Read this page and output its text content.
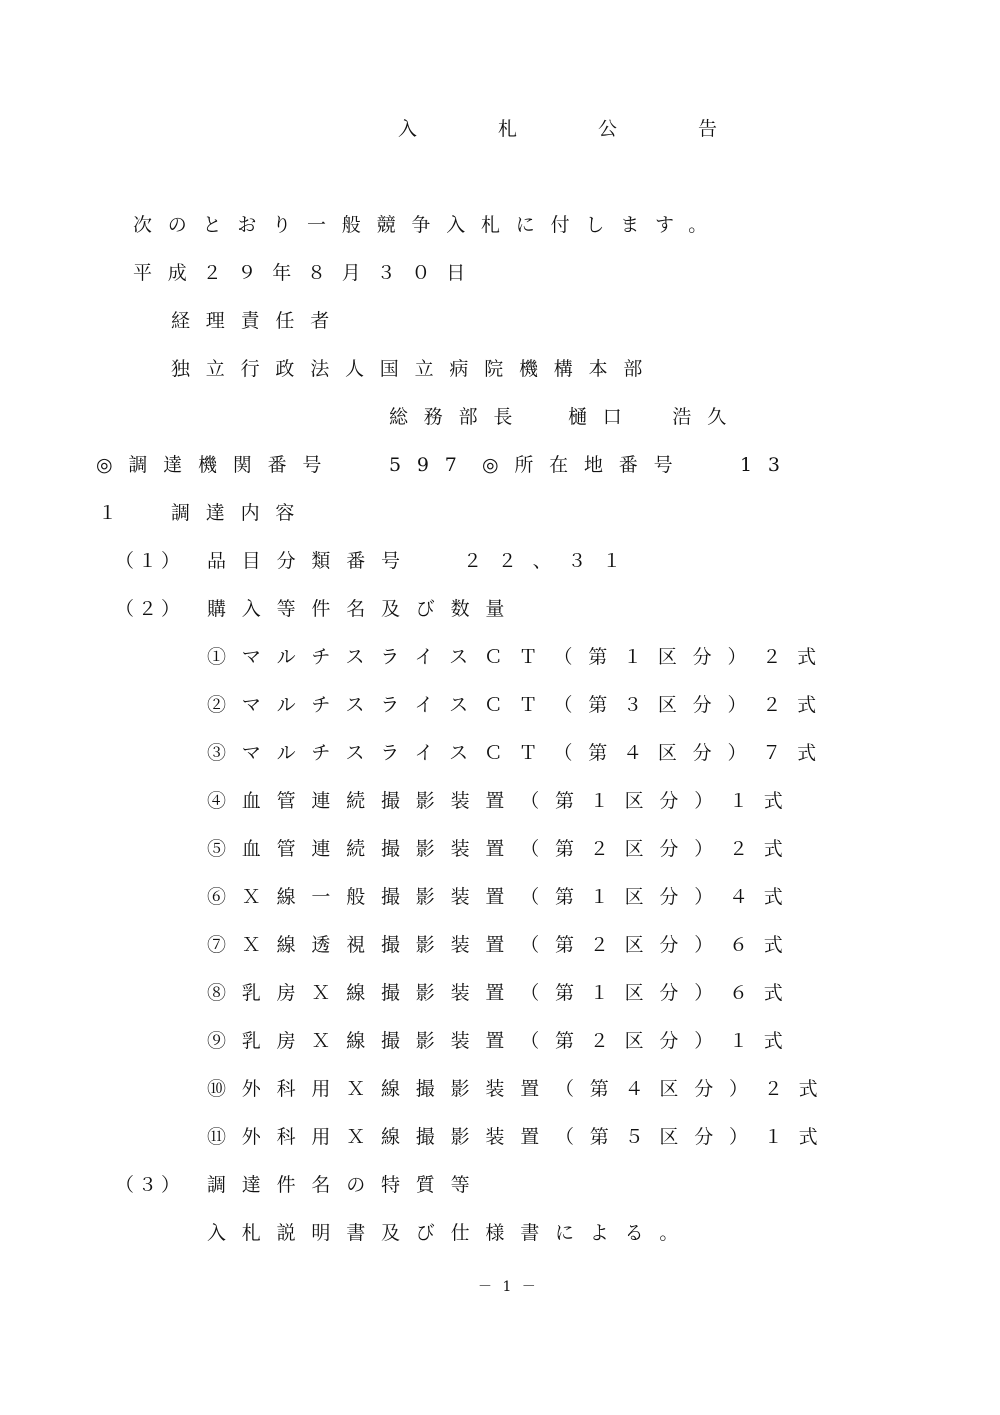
入　札　公　告
次のとおり一般競争入札に付します。
平成２９年８月３０日
経理責任者
独立行政法人国立病院機構本部
総務部長 樋口　浩久
◎調達機関番号	597 ◎所在地番号	13
１	調達内容
（１） 品目分類番号 ２２、３１
（２） 購入等件名及び数量
①マルチスライスＣＴ（第１区分）２式
②マルチスライスＣＴ（第３区分）２式
③マルチスライスＣＴ（第４区分）７式
④血管連続撮影装置（第１区分）１式
⑤血管連続撮影装置（第２区分）２式
⑥Ｘ線一般撮影装置（第１区分）４式
⑦Ｘ線透視撮影装置（第２区分）６式
⑧乳房Ｘ線撮影装置（第１区分）６式
⑨乳房Ｘ線撮影装置（第２区分）１式
⑩外科用Ｘ線撮影装置（第４区分）２式
⑪外科用Ｘ線撮影装置（第５区分）１式
（３） 調達件名の特質等
入札説明書及び仕様書による。
－ 1 －
